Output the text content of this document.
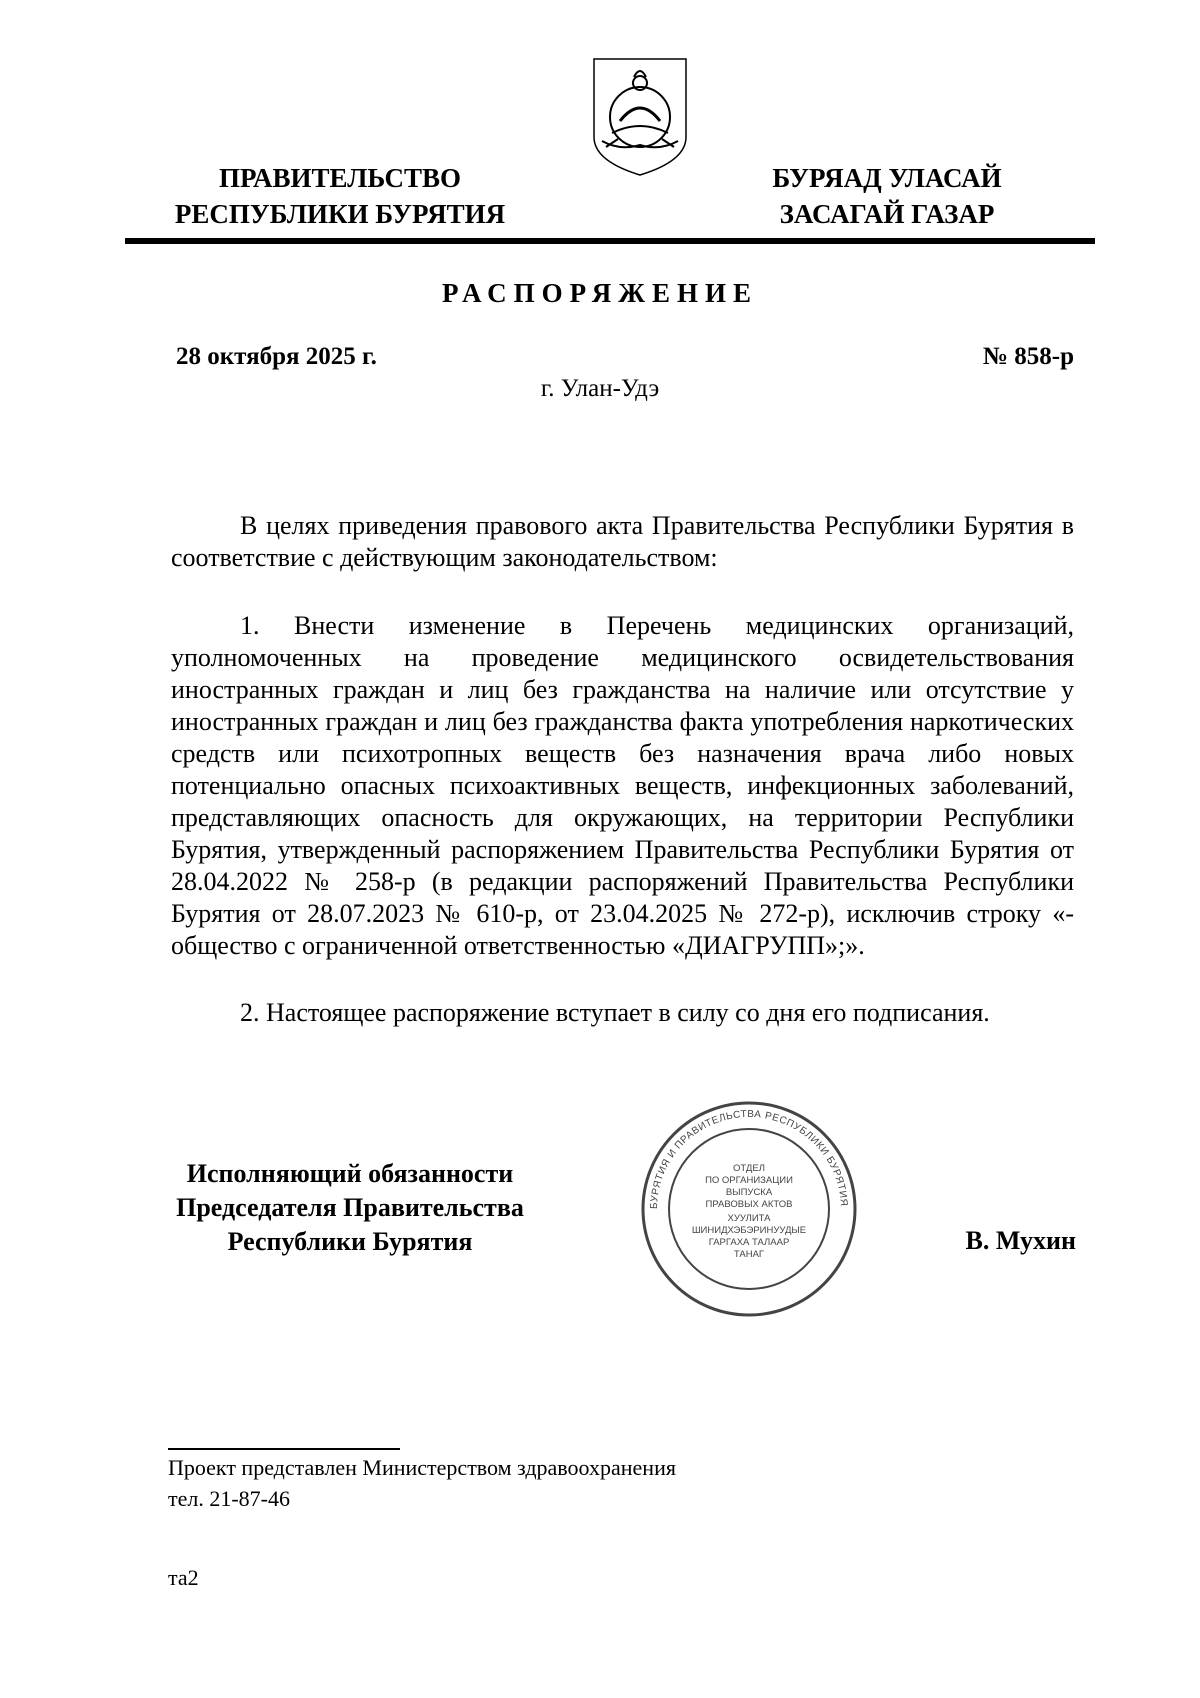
ПРАВИТЕЛЬСТВО
РЕСПУБЛИКИ БУРЯТИЯ
БУРЯАД УЛАСАЙ
ЗАСАГАЙ ГАЗАР
РАСПОРЯЖЕНИЕ
28 октября 2025 г.	№ 858-р
г. Улан-Удэ

В целях приведения правового акта Правительства Республики Бурятия в соответствие с действующим законодательством:

1. Внести изменение в Перечень медицинских организаций, уполномоченных на проведение медицинского освидетельствования иностранных граждан и лиц без гражданства на наличие или отсутствие у иностранных граждан и лиц без гражданства факта употребления наркотических средств или психотропных веществ без назначения врача либо новых потенциально опасных психоактивных веществ, инфекционных заболеваний, представляющих опасность для окружающих, на территории Республики Бурятия, утвержденный распоряжением Правительства Республики Бурятия от 28.04.2022 № 258-р (в редакции распоряжений Правительства Республики Бурятия от 28.07.2023 № 610-р, от 23.04.2025 № 272-р), исключив строку «- общество с ограниченной ответственностью «ДИАГРУПП»;».

2. Настоящее распоряжение вступает в силу со дня его подписания.

Исполняющий обязанности
Председателя Правительства
Республики Бурятия
БУРЯТИЯ И ПРАВИТЕЛЬСТВА РЕСПУБЛИКИ БУРЯТИЯ
ОТДЕЛ
ПО ОРГАНИЗАЦИИ
ВЫПУСКА
ПРАВОВЫХ АКТОВ
ХУУЛИТА
ШИНИДХЭБЭРИНУУДЫЕ
ГАРГАХА ТАЛААР
ТАНАГ	В. Мухин
Проект представлен Министерством здравоохранения
тел. 21-87-46
та2
